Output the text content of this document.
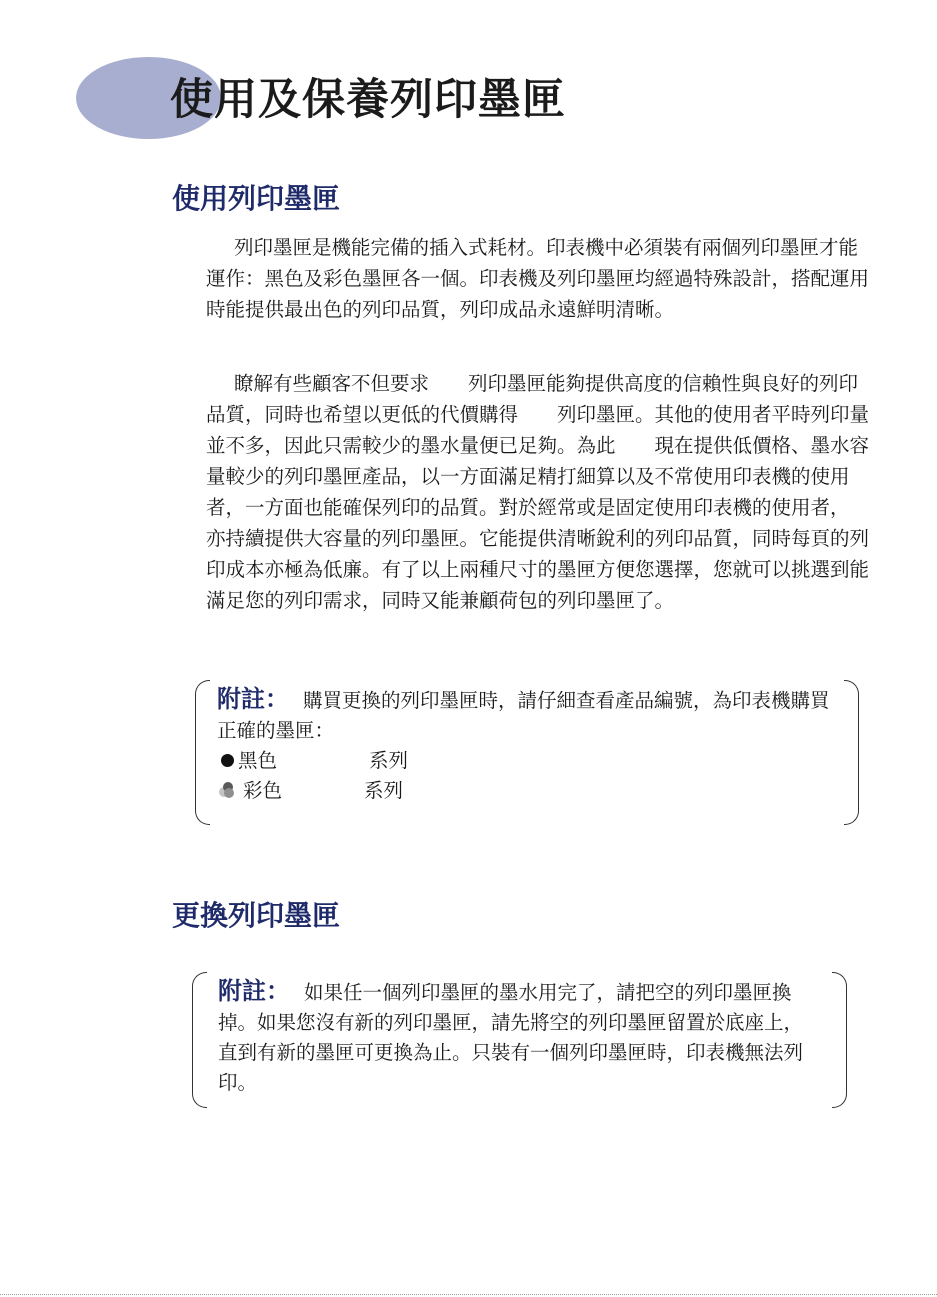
使用及保養列印墨匣
使用列印墨匣

列印墨匣是機能完備的插入式耗材。印表機中必須裝有兩個列印墨匣才能運作：黑色及彩色墨匣各一個。印表機及列印墨匣均經過特殊設計，搭配運用時能提供最出色的列印品質，列印成品永遠鮮明清晰。

瞭解有些顧客不但要求　　列印墨匣能夠提供高度的信賴性與良好的列印品質，同時也希望以更低的代價購得　　列印墨匣。其他的使用者平時列印量並不多，因此只需較少的墨水量便已足夠。為此　　現在提供低價格、墨水容量較少的列印墨匣產品，以一方面滿足精打細算以及不常使用印表機的使用者，一方面也能確保列印的品質。對於經常或是固定使用印表機的使用者，　　亦持續提供大容量的列印墨匣。它能提供清晰銳利的列印品質，同時每頁的列印成本亦極為低廉。有了以上兩種尺寸的墨匣方便您選擇，您就可以挑選到能滿足您的列印需求，同時又能兼顧荷包的列印墨匣了。

附註： 購買更換的列印墨匣時，請仔細查看產品編號，為印表機購買正確的墨匣：
黑色	系列
彩色	系列

更換列印墨匣

附註： 如果任一個列印墨匣的墨水用完了，請把空的列印墨匣換掉。如果您沒有新的列印墨匣，請先將空的列印墨匣留置於底座上，直到有新的墨匣可更換為止。只裝有一個列印墨匣時，印表機無法列印。
